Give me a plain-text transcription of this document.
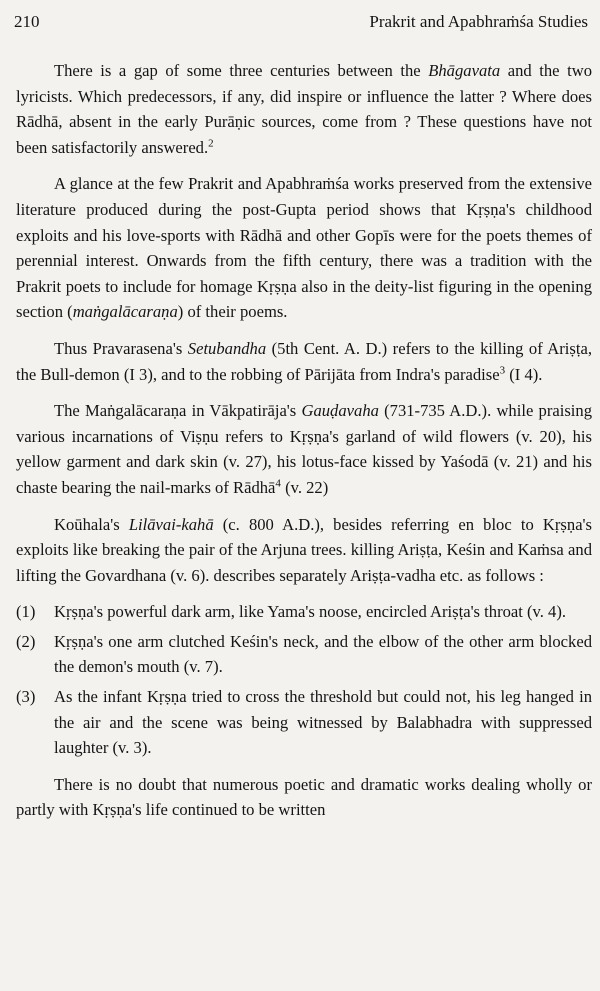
210	Prakrit and Apabhraṁśa Studies

There is a gap of some three centuries between the Bhāgavata and the two lyricists. Which predecessors, if any, did inspire or influence the latter ? Where does Rādhā, absent in the early Purāṇic sources, come from ? These questions have not been satisfactorily answered.$^2$

A glance at the few Prakrit and Apabhraṁśa works preserved from the extensive literature produced during the post-Gupta period shows that Kṛṣṇa's childhood exploits and his love-sports with Rādhā and other Gopīs were for the poets themes of perennial interest. Onwards from the fifth century, there was a tradition with the Prakrit poets to include for homage Kṛṣṇa also in the deity-list figuring in the opening section (maṅgalācaraṇa) of their poems.

Thus Pravarasena's Setubandha (5th Cent. A. D.) refers to the killing of Ariṣṭa, the Bull-demon (I 3), and to the robbing of Pārijāta from Indra's paradise$^3$ (I 4).

The Maṅgalācaraṇa in Vākpatirāja's Gauḍavaha (731-735 A.D.). while praising various incarnations of Viṣṇu refers to Kṛṣṇa's garland of wild flowers (v. 20), his yellow garment and dark skin (v. 27), his lotus-face kissed by Yaśodā (v. 21) and his chaste bearing the nail-marks of Rādhā$^4$ (v. 22)

Koūhala's Lilāvai-kahā (c. 800 A.D.), besides referring en bloc to Kṛṣṇa's exploits like breaking the pair of the Arjuna trees. killing Ariṣṭa, Keśin and Kaṁsa and lifting the Govardhana (v. 6). describes separately Ariṣṭa-vadha etc. as follows :

(1) Kṛṣṇa's powerful dark arm, like Yama's noose, encircled Ariṣṭa's throat (v. 4).
(2) Kṛṣṇa's one arm clutched Keśin's neck, and the elbow of the other arm blocked the demon's mouth (v. 7).
(3) As the infant Kṛṣṇa tried to cross the threshold but could not, his leg hanged in the air and the scene was being witnessed by Balabhadra with suppressed laughter (v. 3).

There is no doubt that numerous poetic and dramatic works dealing wholly or partly with Kṛṣṇa's life continued to be written
